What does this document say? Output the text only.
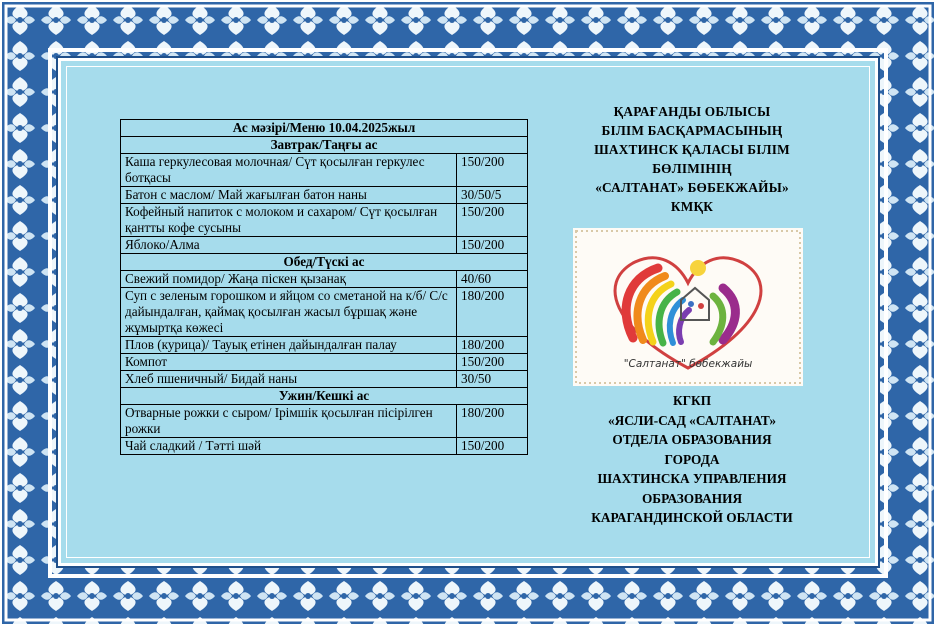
Ас мәзірі/Меню 10.04.2025жыл	
Завтрак/Таңғы ас	
Каша геркулесовая молочная/ Сүт қосылған геркулес ботқасы	150/200
Батон с маслом/ Май жағылған батон наны	30/50/5
Кофейный напиток с молоком и сахаром/ Сүт қосылған қантты кофе сусыны	150/200
Яблоко/Алма	150/200
Обед/Түскі ас	
Свежий помидор/ Жаңа піскен қызанақ	40/60
Суп с зеленым горошком и яйцом со сметаной на к/б/ С/с дайындалған, қаймақ қосылған жасыл бұршақ және жұмыртқа көжесі	180/200
Плов (курица)/ Тауық етінен дайындалған палау	180/200
Компот	150/200
Хлеб пшеничный/ Бидай наны	30/50
Ужин/Кешкі ас	
Отварные рожки с сыром/ Ірімшік қосылған пісірілген рожки	180/200
Чай сладкий / Тәтті шәй	150/200
ҚАРАҒАНДЫ ОБЛЫСЫ
БІЛІМ БАСҚАРМАСЫНЫҢ
ШАХТИНСК ҚАЛАСЫ БІЛІМ
БӨЛІМІНІҢ
«САЛТАНАТ» БӨБЕКЖАЙЫ»
КМҚК
"Салтанат" бөбекжайы
КГКП
«ЯСЛИ-САД «САЛТАНАТ»
ОТДЕЛА ОБРАЗОВАНИЯ
ГОРОДА
ШАХТИНСКА УПРАВЛЕНИЯ
ОБРАЗОВАНИЯ
КАРАГАНДИНСКОЙ ОБЛАСТИ
